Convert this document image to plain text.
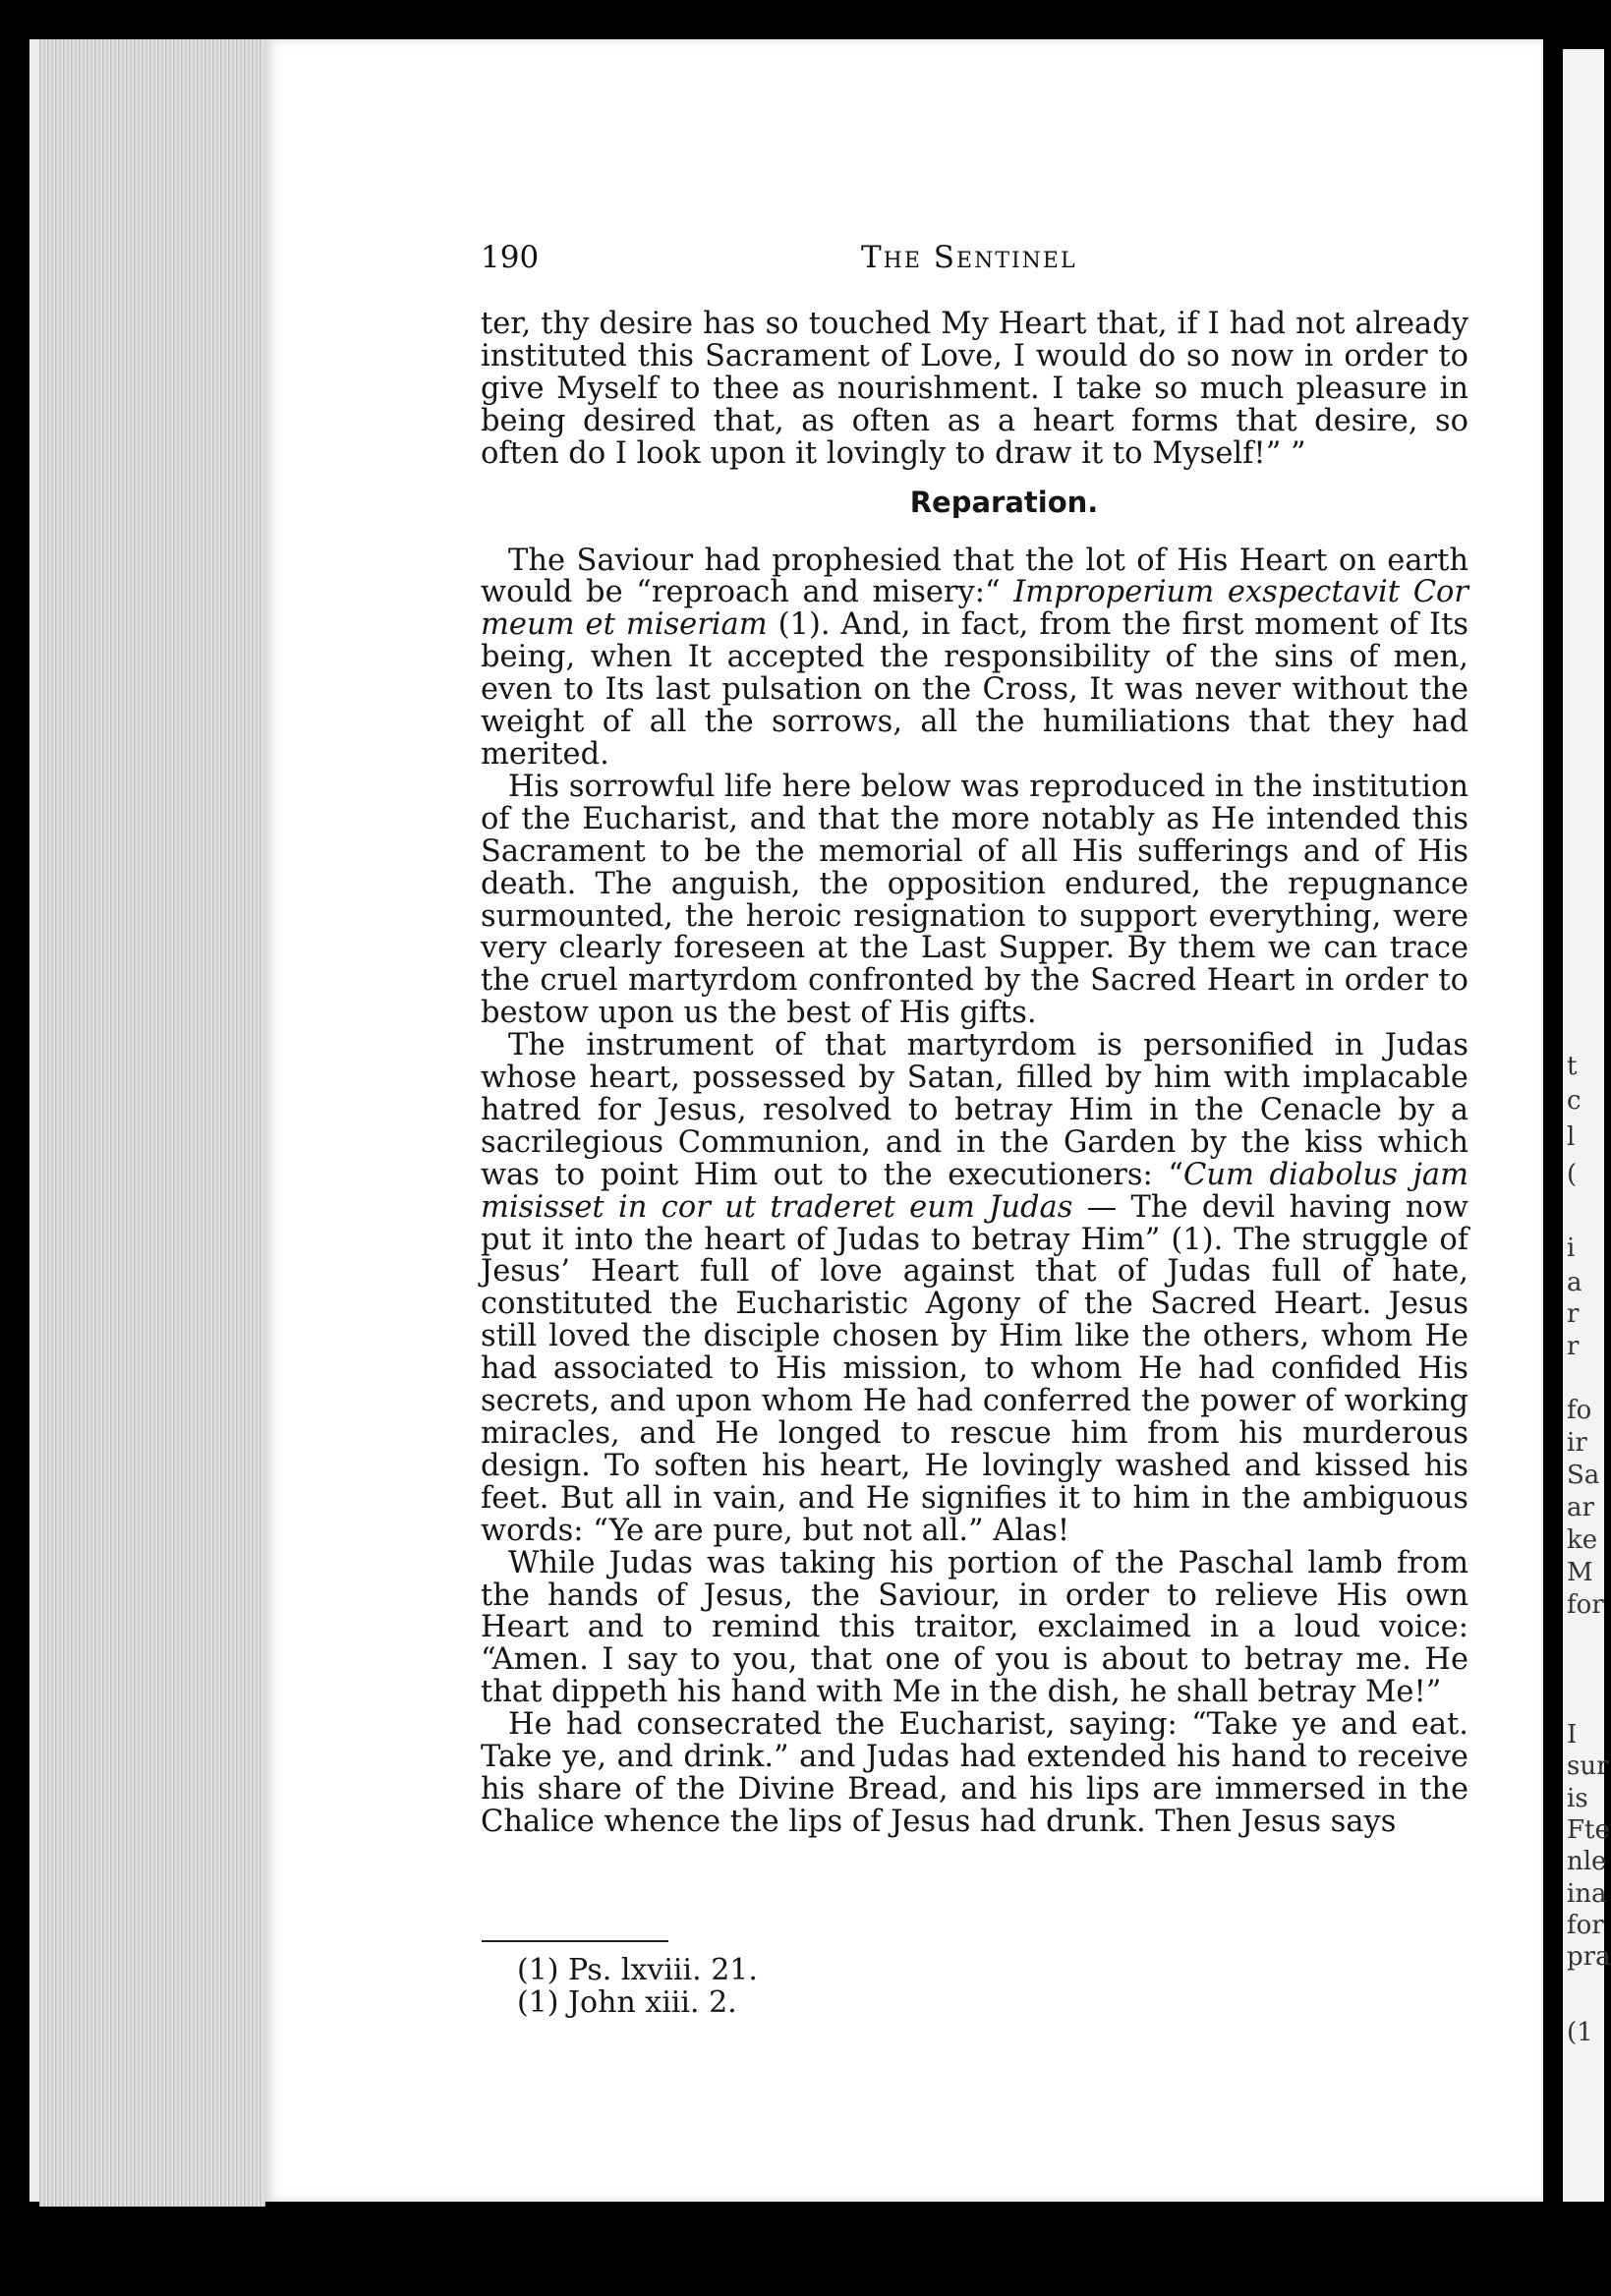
t
c
l
(
i
a
r
r
fo
ir
Sa
ar
ke
M
for
I
sur
is
Fte
nle
ina
for
pra
(1
190	The Sentinel

ter, thy desire has so touched My Heart that, if I had not already instituted this Sacrament of Love, I would do so now in order to give Myself to thee as nourishment. I take so much pleasure in being desired that, as often as a heart forms that desire, so often do I look upon it lovingly to draw it to Myself!” ”

Reparation.

The Saviour had prophesied that the lot of His Heart on earth would be “reproach and misery:“ Improperium exspectavit Cor meum et miseriam (1). And, in fact, from the first moment of Its being, when It accepted the responsibility of the sins of men, even to Its last pulsation on the Cross, It was never without the weight of all the sorrows, all the humiliations that they had merited.

His sorrowful life here below was reproduced in the institution of the Eucharist, and that the more notably as He intended this Sacrament to be the memorial of all His sufferings and of His death. The anguish, the opposition endured, the repugnance surmounted, the heroic resignation to support everything, were very clearly foreseen at the Last Supper. By them we can trace the cruel martyrdom confronted by the Sacred Heart in order to bestow upon us the best of His gifts.

The instrument of that martyrdom is personified in Judas whose heart, possessed by Satan, filled by him with implacable hatred for Jesus, resolved to betray Him in the Cenacle by a sacrilegious Communion, and in the Garden by the kiss which was to point Him out to the executioners: “Cum diabolus jam misisset in cor ut traderet eum Judas — The devil having now put it into the heart of Judas to betray Him” (1). The struggle of Jesus’ Heart full of love against that of Judas full of hate, constituted the Eucharistic Agony of the Sacred Heart. Jesus still loved the disciple chosen by Him like the others, whom He had associated to His mission, to whom He had confided His secrets, and upon whom He had conferred the power of working miracles, and He longed to rescue him from his murderous design. To soften his heart, He lovingly washed and kissed his feet. But all in vain, and He signifies it to him in the ambiguous words: “Ye are pure, but not all.” Alas!

While Judas was taking his portion of the Paschal lamb from the hands of Jesus, the Saviour, in order to relieve His own Heart and to remind this traitor, exclaimed in a loud voice: “Amen. I say to you, that one of you is about to betray me. He that dippeth his hand with Me in the dish, he shall betray Me!”

He had consecrated the Eucharist, saying: “Take ye and eat. Take ye, and drink.” and Judas had extended his hand to receive his share of the Divine Bread, and his lips are immersed in the Chalice whence the lips of Jesus had drunk. Then Jesus says

(1) Ps. lxviii. 21.
(1) John xiii. 2.
